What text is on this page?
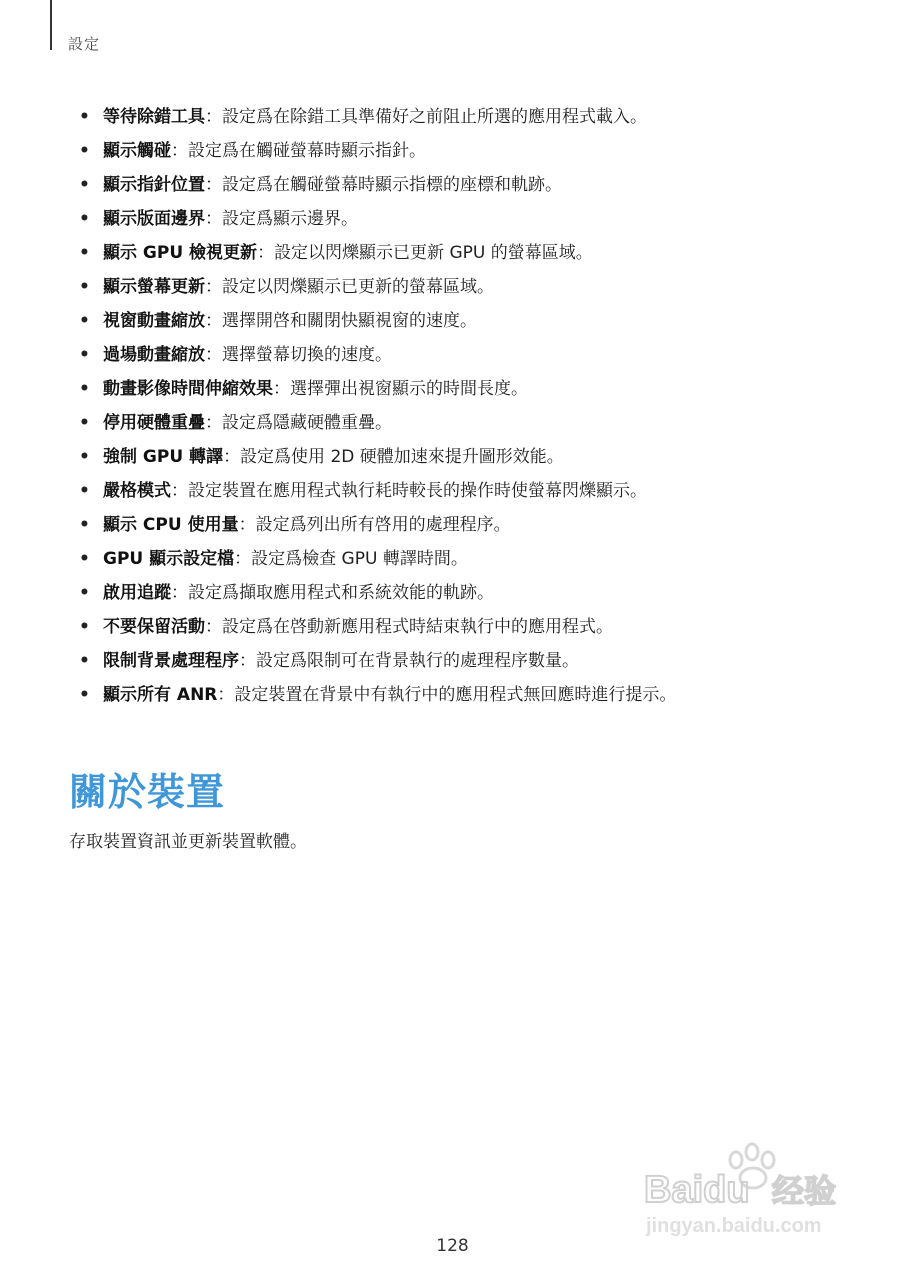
設定
• 等待除錯工具：設定爲在除錯工具準備好之前阻止所選的應用程式載入。
• 顯示觸碰：設定爲在觸碰螢幕時顯示指針。
• 顯示指針位置：設定爲在觸碰螢幕時顯示指標的座標和軌跡。
• 顯示版面邊界：設定爲顯示邊界。
• 顯示 GPU 檢視更新：設定以閃爍顯示已更新 GPU 的螢幕區域。
• 顯示螢幕更新：設定以閃爍顯示已更新的螢幕區域。
• 視窗動畫縮放：選擇開啓和關閉快顯視窗的速度。
• 過場動畫縮放：選擇螢幕切換的速度。
• 動畫影像時間伸縮效果：選擇彈出視窗顯示的時間長度。
• 停用硬體重疊：設定爲隱藏硬體重疊。
• 強制 GPU 轉譯：設定爲使用 2D 硬體加速來提升圖形效能。
• 嚴格模式：設定裝置在應用程式執行耗時較長的操作時使螢幕閃爍顯示。
• 顯示 CPU 使用量：設定爲列出所有啓用的處理程序。
• GPU 顯示設定檔：設定爲檢查 GPU 轉譯時間。
• 啟用追蹤：設定爲擷取應用程式和系統效能的軌跡。
• 不要保留活動：設定爲在啓動新應用程式時結束執行中的應用程式。
• 限制背景處理程序：設定爲限制可在背景執行的處理程序數量。
• 顯示所有 ANR：設定裝置在背景中有執行中的應用程式無回應時進行提示。
關於裝置

存取裝置資訊並更新裝置軟體。

Baidu 经验
jingyan.baidu.com
128
